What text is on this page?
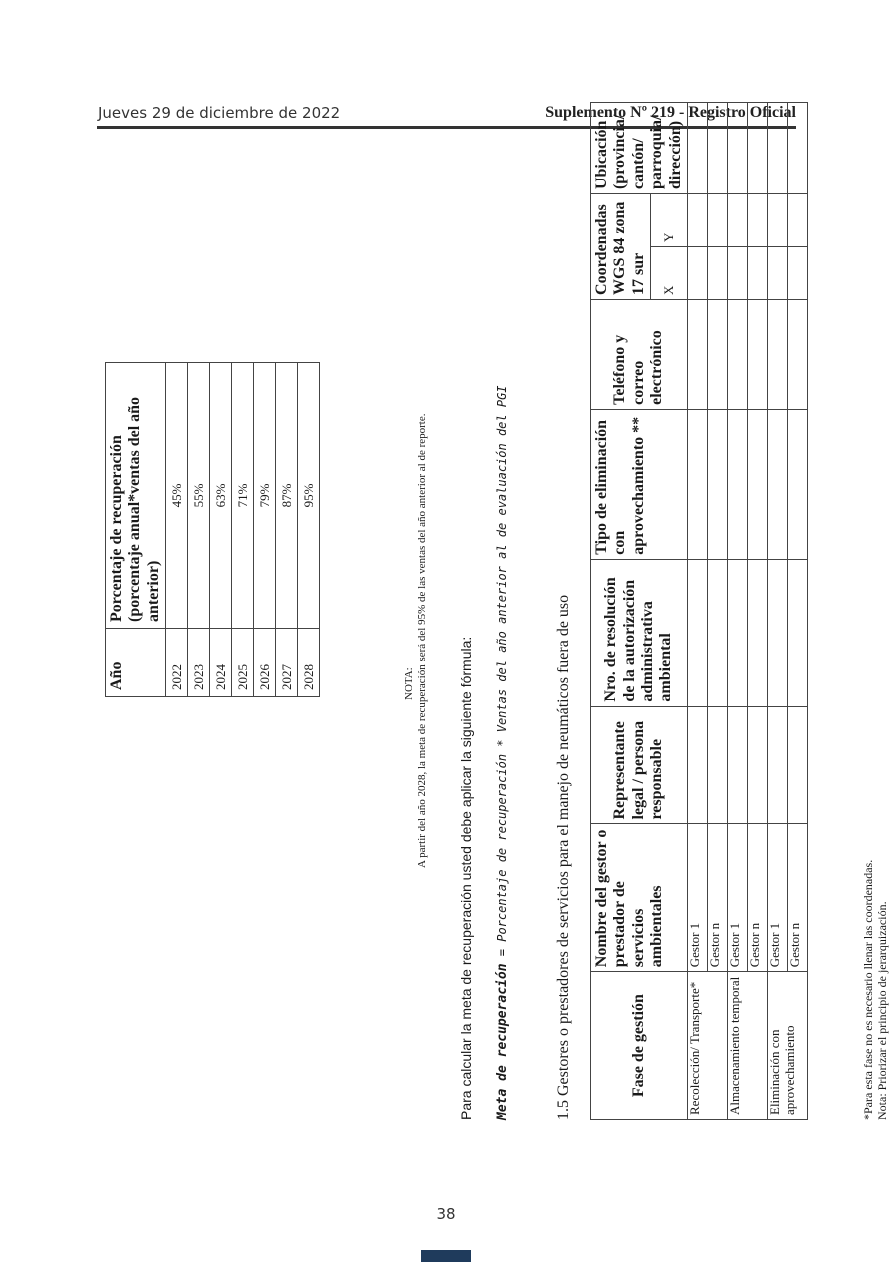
Jueves 29 de diciembre de 2022	Suplemento Nº 219 - Registro Oficial
Año	Porcentaje de recuperación (porcentaje anual*ventas del año anterior)
2022	45%
2023	55%
2024	63%
2025	71%
2026	79%
2027	87%
2028	95%
NOTA: A partir del año 2028, la meta de recuperación será del 95% de las ventas del año anterior al de reporte. Para calcular la meta de recuperación usted debe aplicar la siguiente fórmula: Meta de recuperación = Porcentaje de recuperación * Ventas del año anterior al de evaluación del PGI	1.5 Gestores o prestadores de servicios para el manejo de neumáticos fuera de uso	Fase de gestión	Nombre del gestor o prestador de servicios ambientales	Representante legal / persona responsable	Nro. de resolución de la autorización administrativa ambiental	Tipo de eliminación con aprovechamiento **	Teléfono y correo electrónico	Coordenadas WGS 84 zona 17 sur		Ubicación (provincia/ cantón/ parroquia/ dirección)
						X	Y	
Recolección/ Transporte*	Gestor 1							
	Gestor n							
Almacenamiento temporal	Gestor 1							
	Gestor n							
Eliminación con aprovechamiento	Gestor 1							
	Gestor n								*Para esta fase no es necesario llenar las coordenadas. Nota: Priorizar el principio de jerarquización.
38
